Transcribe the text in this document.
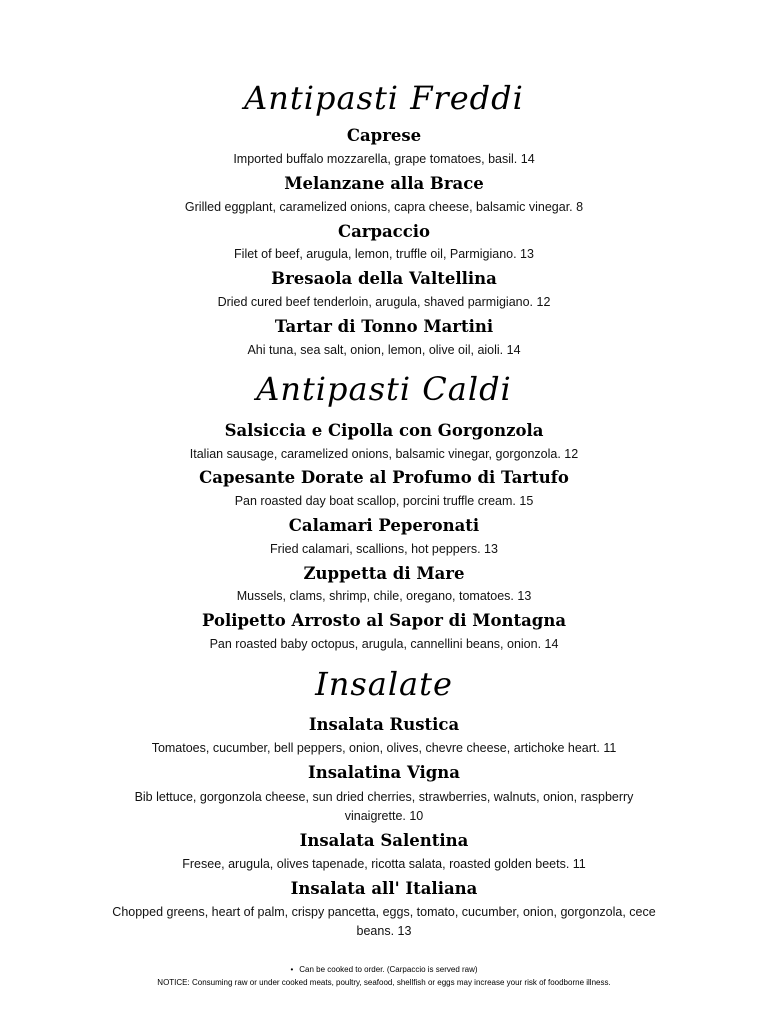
Antipasti Freddi
Caprese
Imported buffalo mozzarella, grape tomatoes, basil. 14
Melanzane alla Brace
Grilled eggplant, caramelized onions, capra cheese, balsamic vinegar. 8
Carpaccio
Filet of beef, arugula, lemon, truffle oil, Parmigiano. 13
Bresaola della Valtellina
Dried cured beef tenderloin, arugula, shaved parmigiano. 12
Tartar di Tonno Martini
Ahi tuna, sea salt, onion, lemon, olive oil, aioli. 14
Antipasti Caldi
Salsiccia e Cipolla con Gorgonzola
Italian sausage, caramelized onions, balsamic vinegar, gorgonzola. 12
Capesante Dorate al Profumo di Tartufo
Pan roasted day boat scallop, porcini truffle cream. 15
Calamari Peperonati
Fried calamari, scallions, hot peppers. 13
Zuppetta di Mare
Mussels, clams, shrimp, chile, oregano, tomatoes. 13
Polipetto Arrosto al Sapor di Montagna
Pan roasted baby octopus, arugula, cannellini beans, onion. 14
Insalate
Insalata Rustica
Tomatoes, cucumber, bell peppers, onion, olives, chevre cheese, artichoke heart. 11
Insalatina Vigna
Bib lettuce, gorgonzola cheese, sun dried cherries, strawberries, walnuts, onion, raspberry vinaigrette. 10
Insalata Salentina
Fresee, arugula, olives tapenade, ricotta salata, roasted golden beets. 11
Insalata all' Italiana
Chopped greens, heart of palm, crispy pancetta, eggs, tomato, cucumber, onion, gorgonzola, cece beans. 13
• Can be cooked to order. (Carpaccio is served raw)
NOTICE: Consuming raw or under cooked meats, poultry, seafood, shellfish or eggs may increase your risk of foodborne illness.
